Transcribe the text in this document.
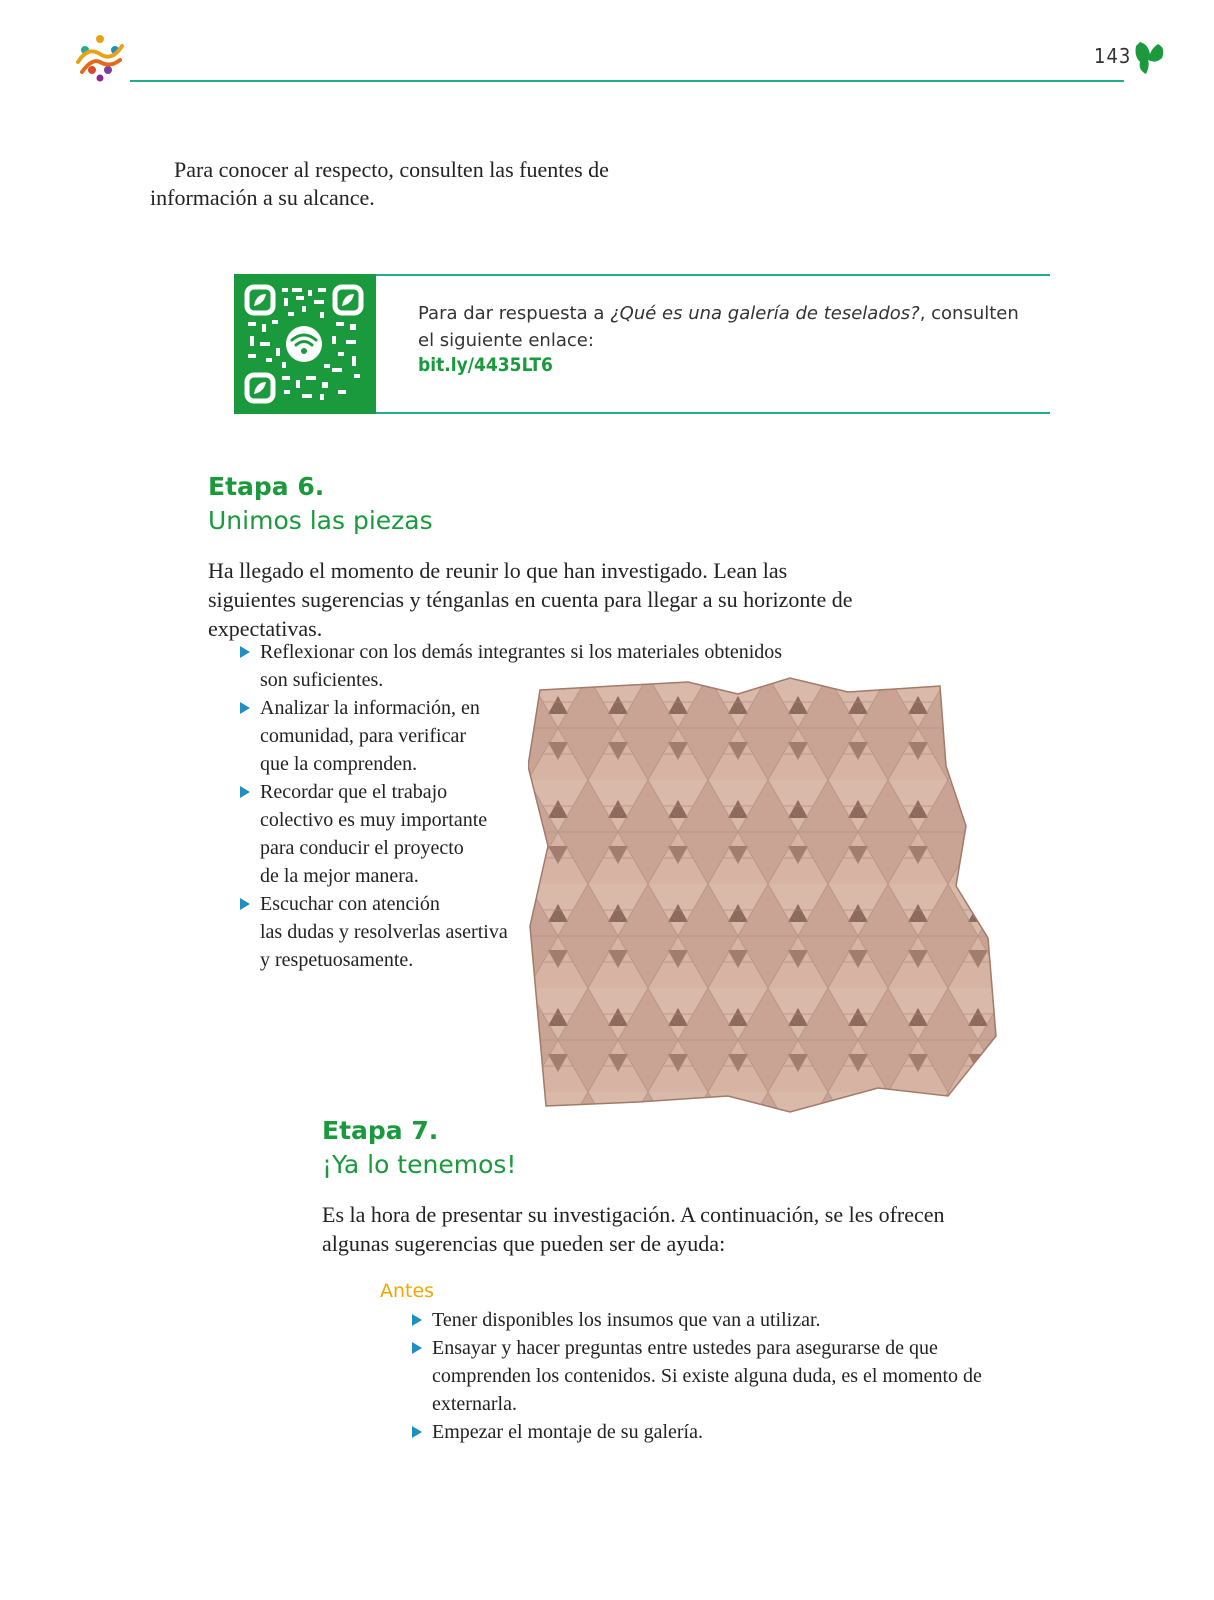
143

Para conocer al respecto, consulten las fuentes de información a su alcance.

Para dar respuesta a ¿Qué es una galería de teselados?, consulten el siguiente enlace:
bit.ly/4435LT6
Etapa 6.
Unimos las piezas

Ha llegado el momento de reunir lo que han investigado. Lean las siguientes sugerencias y ténganlas en cuenta para llegar a su horizonte de expectativas.

Reflexionar con los demás integrantes si los materiales obtenidos
son suficientes.
Analizar la información, en
comunidad, para verificar
que la comprenden.
Recordar que el trabajo
colectivo es muy importante
para conducir el proyecto
de la mejor manera.
Escuchar con atención
las dudas y resolverlas asertiva
y respetuosamente.
Etapa 7.
¡Ya lo tenemos!

Es la hora de presentar su investigación. A continuación, se les ofrecen algunas sugerencias que pueden ser de ayuda:

Antes
Tener disponibles los insumos que van a utilizar.
Ensayar y hacer preguntas entre ustedes para asegurarse de que comprenden los contenidos. Si existe alguna duda, es el momento de externarla.
Empezar el montaje de su galería.
